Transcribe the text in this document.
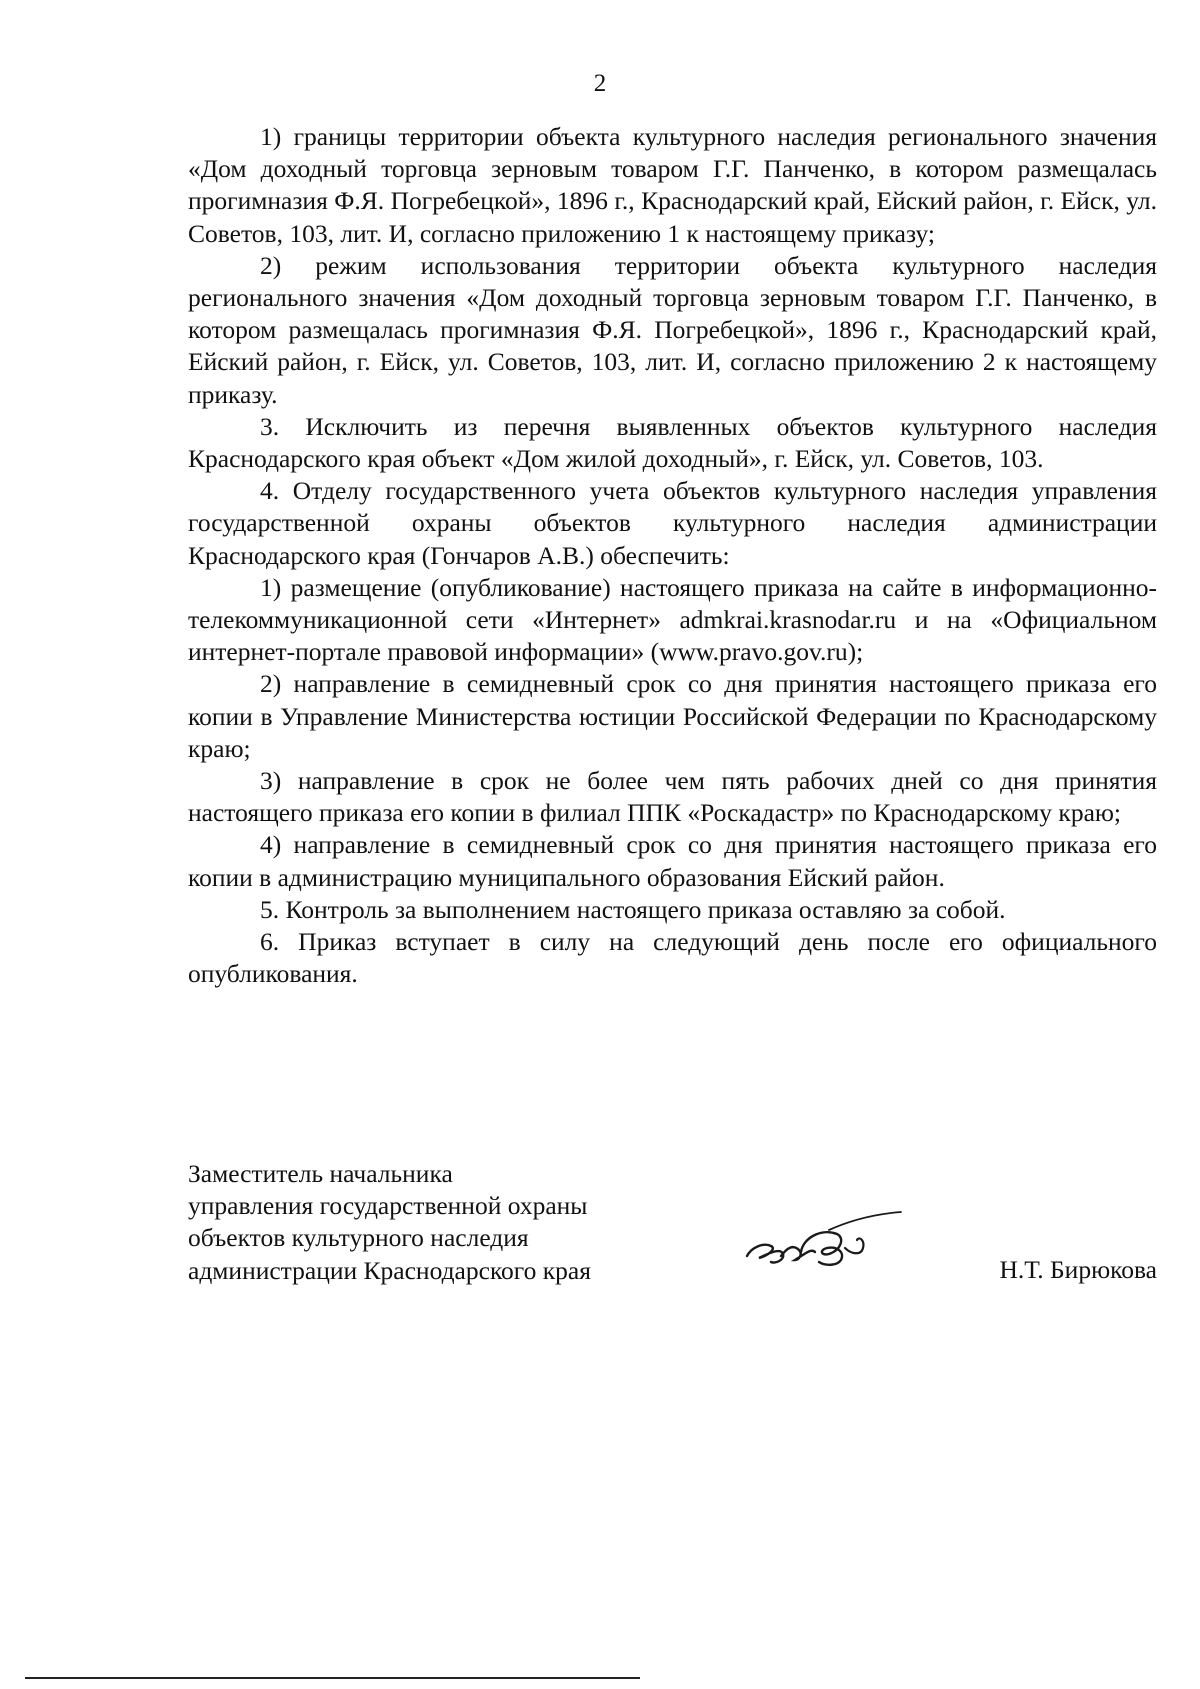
2

1) границы территории объекта культурного наследия регионального значения «Дом доходный торговца зерновым товаром Г.Г. Панченко, в котором размещалась прогимназия Ф.Я. Погребецкой», 1896 г., Краснодарский край, Ейский район, г. Ейск, ул. Советов, 103, лит. И, согласно приложению 1 к настоящему приказу;

2) режим использования территории объекта культурного наследия регионального значения «Дом доходный торговца зерновым товаром Г.Г. Панченко, в котором размещалась прогимназия Ф.Я. Погребецкой», 1896 г., Краснодарский край, Ейский район, г. Ейск, ул. Советов, 103, лит. И, согласно приложению 2 к настоящему приказу.

3. Исключить из перечня выявленных объектов культурного наследия Краснодарского края объект «Дом жилой доходный», г. Ейск, ул. Советов, 103.

4. Отделу государственного учета объектов культурного наследия управления государственной охраны объектов культурного наследия администрации Краснодарского края (Гончаров А.В.) обеспечить:

1) размещение (опубликование) настоящего приказа на сайте в информационно-телекоммуникационной сети «Интернет» admkrai.krasnodar.ru и на «Официальном интернет-портале правовой информации» (www.pravo.gov.ru);

2) направление в семидневный срок со дня принятия настоящего приказа его копии в Управление Министерства юстиции Российской Федерации по Краснодарскому краю;

3) направление в срок не более чем пять рабочих дней со дня принятия настоящего приказа его копии в филиал ППК «Роскадастр» по Краснодарскому краю;

4) направление в семидневный срок со дня принятия настоящего приказа его копии в администрацию муниципального образования Ейский район.

5. Контроль за выполнением настоящего приказа оставляю за собой.

6. Приказ вступает в силу на следующий день после его официального опубликования.

Заместитель начальника
управления государственной охраны
объектов культурного наследия
администрации Краснодарского края	Н.Т. Бирюкова
